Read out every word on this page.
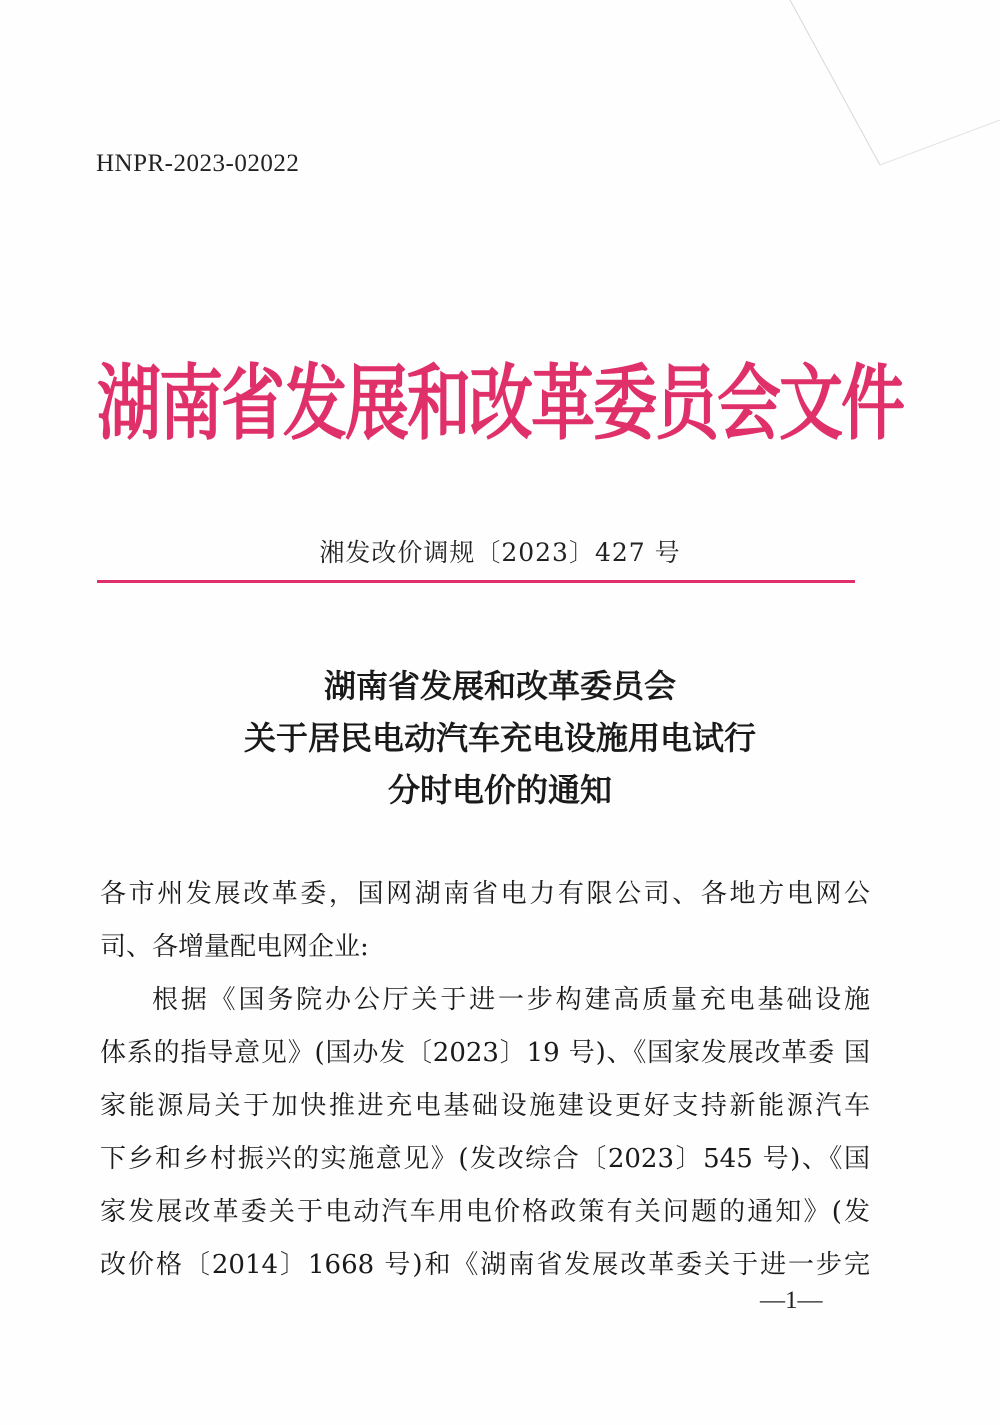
HNPR-2023-02022
湖南省发展和改革委员会文件
湘发改价调规〔2023〕427 号
湖南省发展和改革委员会
关于居民电动汽车充电设施用电试行
分时电价的通知
各市州发展改革委，国网湖南省电力有限公司、各地方电网公
司、各增量配电网企业:
根据《国务院办公厅关于进一步构建高质量充电基础设施
体系的指导意见》(国办发〔2023〕19 号)、《国家发展改革委 国
家能源局关于加快推进充电基础设施建设更好支持新能源汽车
下乡和乡村振兴的实施意见》(发改综合〔2023〕545 号)、《国
家发展改革委关于电动汽车用电价格政策有关问题的通知》(发
改价格〔2014〕1668 号)和《湖南省发展改革委关于进一步完
—1—
